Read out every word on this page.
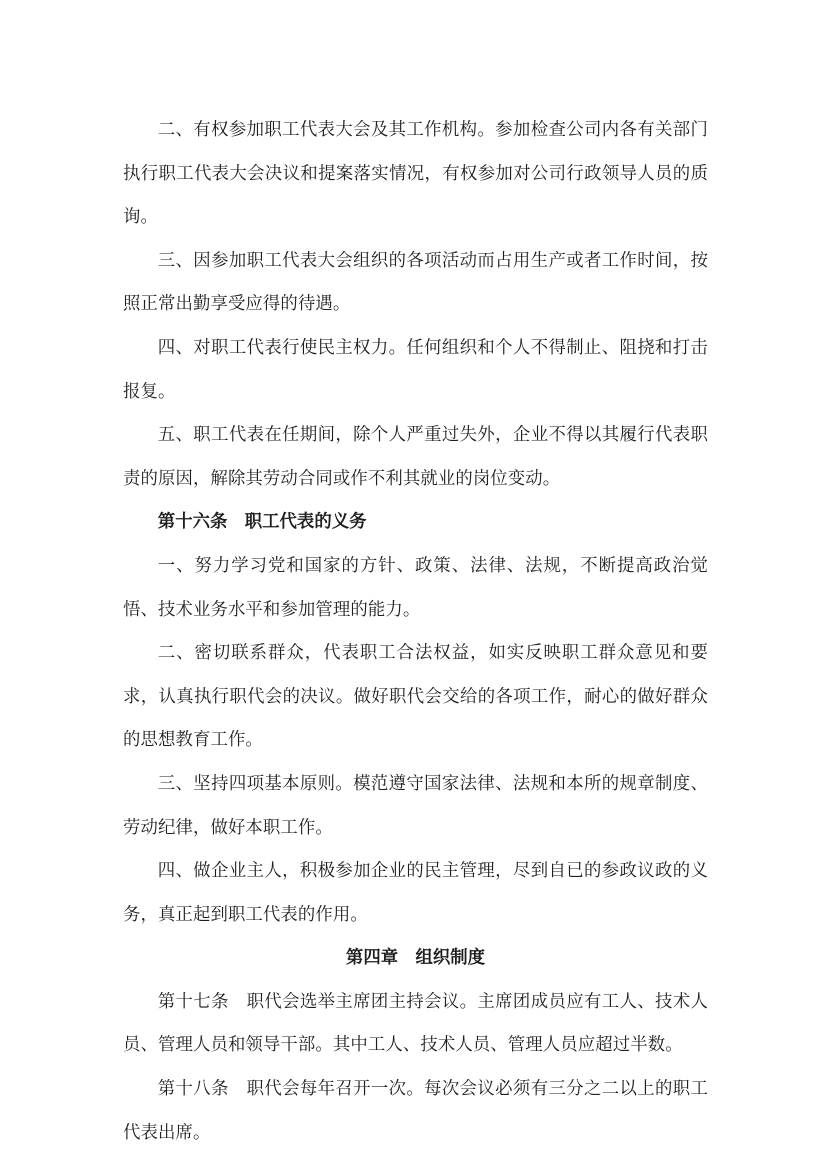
二、有权参加职工代表大会及其工作机构。参加检查公司内各有关部门执行职工代表大会决议和提案落实情况，有权参加对公司行政领导人员的质询。

三、因参加职工代表大会组织的各项活动而占用生产或者工作时间，按照正常出勤享受应得的待遇。

四、对职工代表行使民主权力。任何组织和个人不得制止、阻挠和打击报复。

五、职工代表在任期间，除个人严重过失外，企业不得以其履行代表职责的原因，解除其劳动合同或作不利其就业的岗位变动。

第十六条　职工代表的义务

一、努力学习党和国家的方针、政策、法律、法规，不断提高政治觉悟、技术业务水平和参加管理的能力。

二、密切联系群众，代表职工合法权益，如实反映职工群众意见和要求，认真执行职代会的决议。做好职代会交给的各项工作，耐心的做好群众的思想教育工作。

三、坚持四项基本原则。模范遵守国家法律、法规和本所的规章制度、劳动纪律，做好本职工作。

四、做企业主人，积极参加企业的民主管理，尽到自已的参政议政的义务，真正起到职工代表的作用。

第四章　组织制度

第十七条　职代会选举主席团主持会议。主席团成员应有工人、技术人员、管理人员和领导干部。其中工人、技术人员、管理人员应超过半数。

第十八条　职代会每年召开一次。每次会议必须有三分之二以上的职工代表出席。
